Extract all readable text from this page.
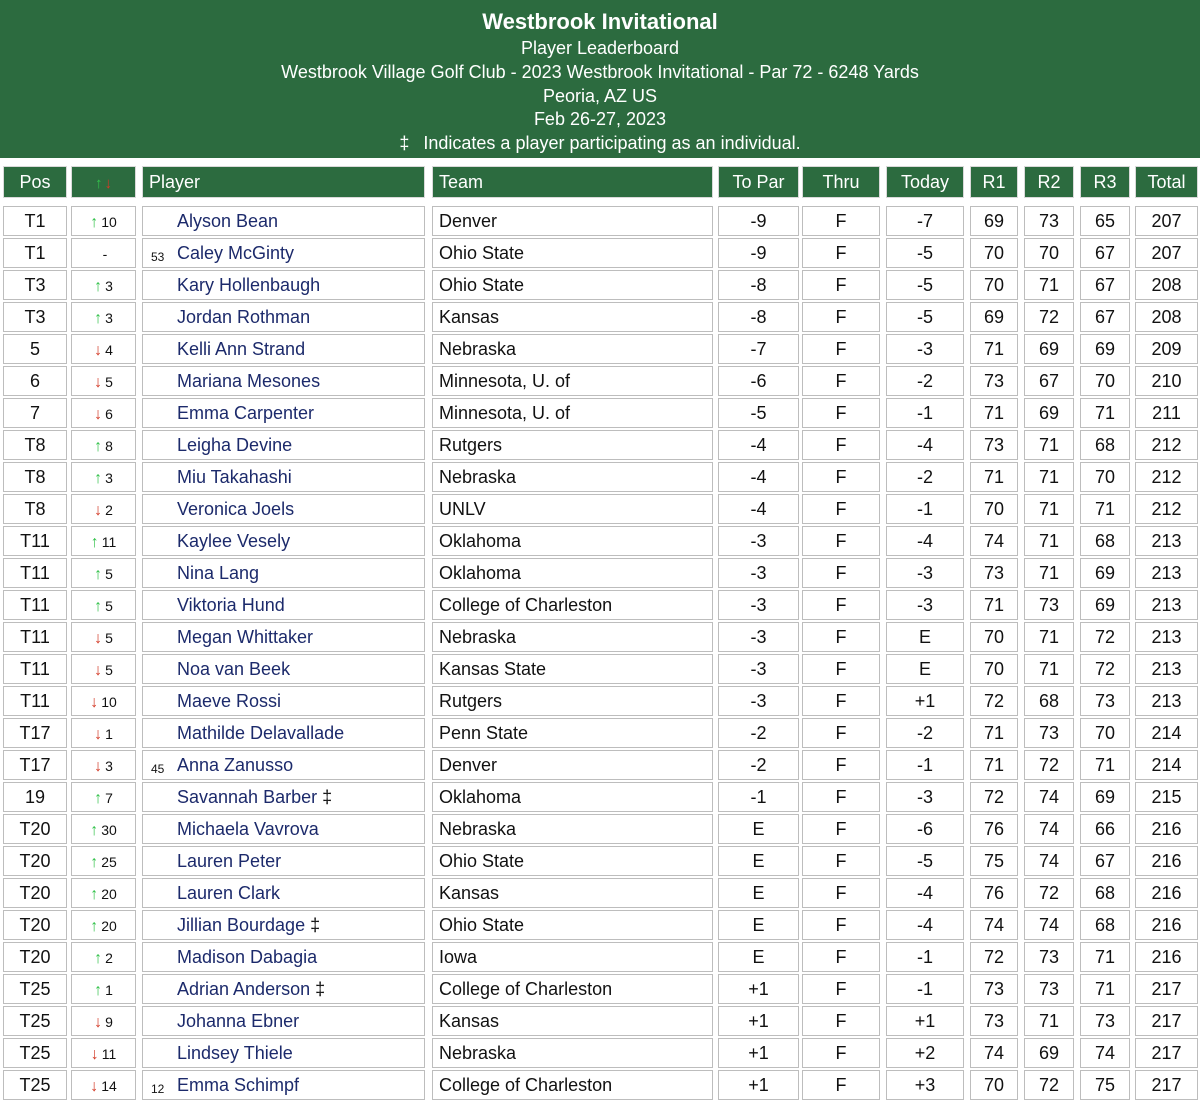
Westbrook Invitational
Player Leaderboard
Westbrook Village Golf Club - 2023 Westbrook Invitational - Par 72 - 6248 Yards
Peoria, AZ US
Feb 26-27, 2023
‡ Indicates a player participating as an individual.
Pos	↑ ↓	Player	Team	To Par	Thru	Today	R1	R2	R3	Total
T1	↑ 10	Alyson Bean	Denver	-9	F	-7	69	73	65	207
T1	-	53 Caley McGinty	Ohio State	-9	F	-5	70	70	67	207
T3	↑ 3	Kary Hollenbaugh	Ohio State	-8	F	-5	70	71	67	208
T3	↑ 3	Jordan Rothman	Kansas	-8	F	-5	69	72	67	208
5	↓ 4	Kelli Ann Strand	Nebraska	-7	F	-3	71	69	69	209
6	↓ 5	Mariana Mesones	Minnesota, U. of	-6	F	-2	73	67	70	210
7	↓ 6	Emma Carpenter	Minnesota, U. of	-5	F	-1	71	69	71	211
T8	↑ 8	Leigha Devine	Rutgers	-4	F	-4	73	71	68	212
T8	↑ 3	Miu Takahashi	Nebraska	-4	F	-2	71	71	70	212
T8	↓ 2	Veronica Joels	UNLV	-4	F	-1	70	71	71	212
T11	↑ 11	Kaylee Vesely	Oklahoma	-3	F	-4	74	71	68	213
T11	↑ 5	Nina Lang	Oklahoma	-3	F	-3	73	71	69	213
T11	↑ 5	Viktoria Hund	College of Charleston	-3	F	-3	71	73	69	213
T11	↓ 5	Megan Whittaker	Nebraska	-3	F	E	70	71	72	213
T11	↓ 5	Noa van Beek	Kansas State	-3	F	E	70	71	72	213
T11	↓ 10	Maeve Rossi	Rutgers	-3	F	+1	72	68	73	213
T17	↓ 1	Mathilde Delavallade	Penn State	-2	F	-2	71	73	70	214
T17	↓ 3	45 Anna Zanusso	Denver	-2	F	-1	71	72	71	214
19	↑ 7	Savannah Barber ‡	Oklahoma	-1	F	-3	72	74	69	215
T20	↑ 30	Michaela Vavrova	Nebraska	E	F	-6	76	74	66	216
T20	↑ 25	Lauren Peter	Ohio State	E	F	-5	75	74	67	216
T20	↑ 20	Lauren Clark	Kansas	E	F	-4	76	72	68	216
T20	↑ 20	Jillian Bourdage ‡	Ohio State	E	F	-4	74	74	68	216
T20	↑ 2	Madison Dabagia	Iowa	E	F	-1	72	73	71	216
T25	↑ 1	Adrian Anderson ‡	College of Charleston	+1	F	-1	73	73	71	217
T25	↓ 9	Johanna Ebner	Kansas	+1	F	+1	73	71	73	217
T25	↓ 11	Lindsey Thiele	Nebraska	+1	F	+2	74	69	74	217
T25	↓ 14	12 Emma Schimpf	College of Charleston	+1	F	+3	70	72	75	217
